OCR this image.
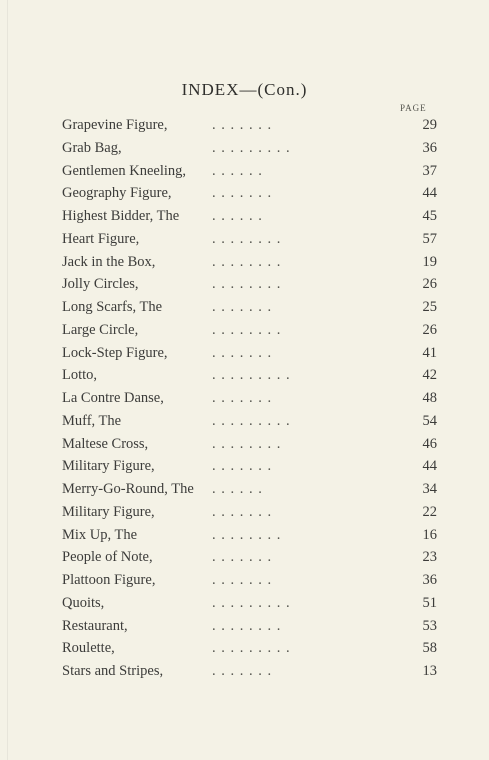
INDEX—(Con.)
PAGE
Grapevine Figure,	. . . . . . .	29
Grab Bag,	. . . . . . . . .	36
Gentlemen Kneeling, . . . . . .	37
Geography Figure,	. . . . . . .	44
Highest Bidder, The . . . . . .	45
Heart Figure,	. . . . . . . .	57
Jack in the Box,	. . . . . . . .	19
Jolly Circles,	. . . . . . . .	26
Long Scarfs, The	. . . . . . .	25
Large Circle,	. . . . . . . .	26
Lock-Step Figure,	. . . . . . .	41
Lotto,	. . . . . . . . .	42
La Contre Danse,	. . . . . . .	48
Muff, The	. . . . . . . . .	54
Maltese Cross,	. . . . . . . .	46
Military Figure,	. . . . . . .	44
Merry-Go-Round, The . . . . . .	34
Military Figure,	. . . . . . .	22
Mix Up, The	. . . . . . . .	16
People of Note,	. . . . . . .	23
Plattoon Figure,	. . . . . . .	36
Quoits,	. . . . . . . . .	51
Restaurant,	. . . . . . . .	53
Roulette,	. . . . . . . . .	58
Stars and Stripes,	. . . . . . .	13
